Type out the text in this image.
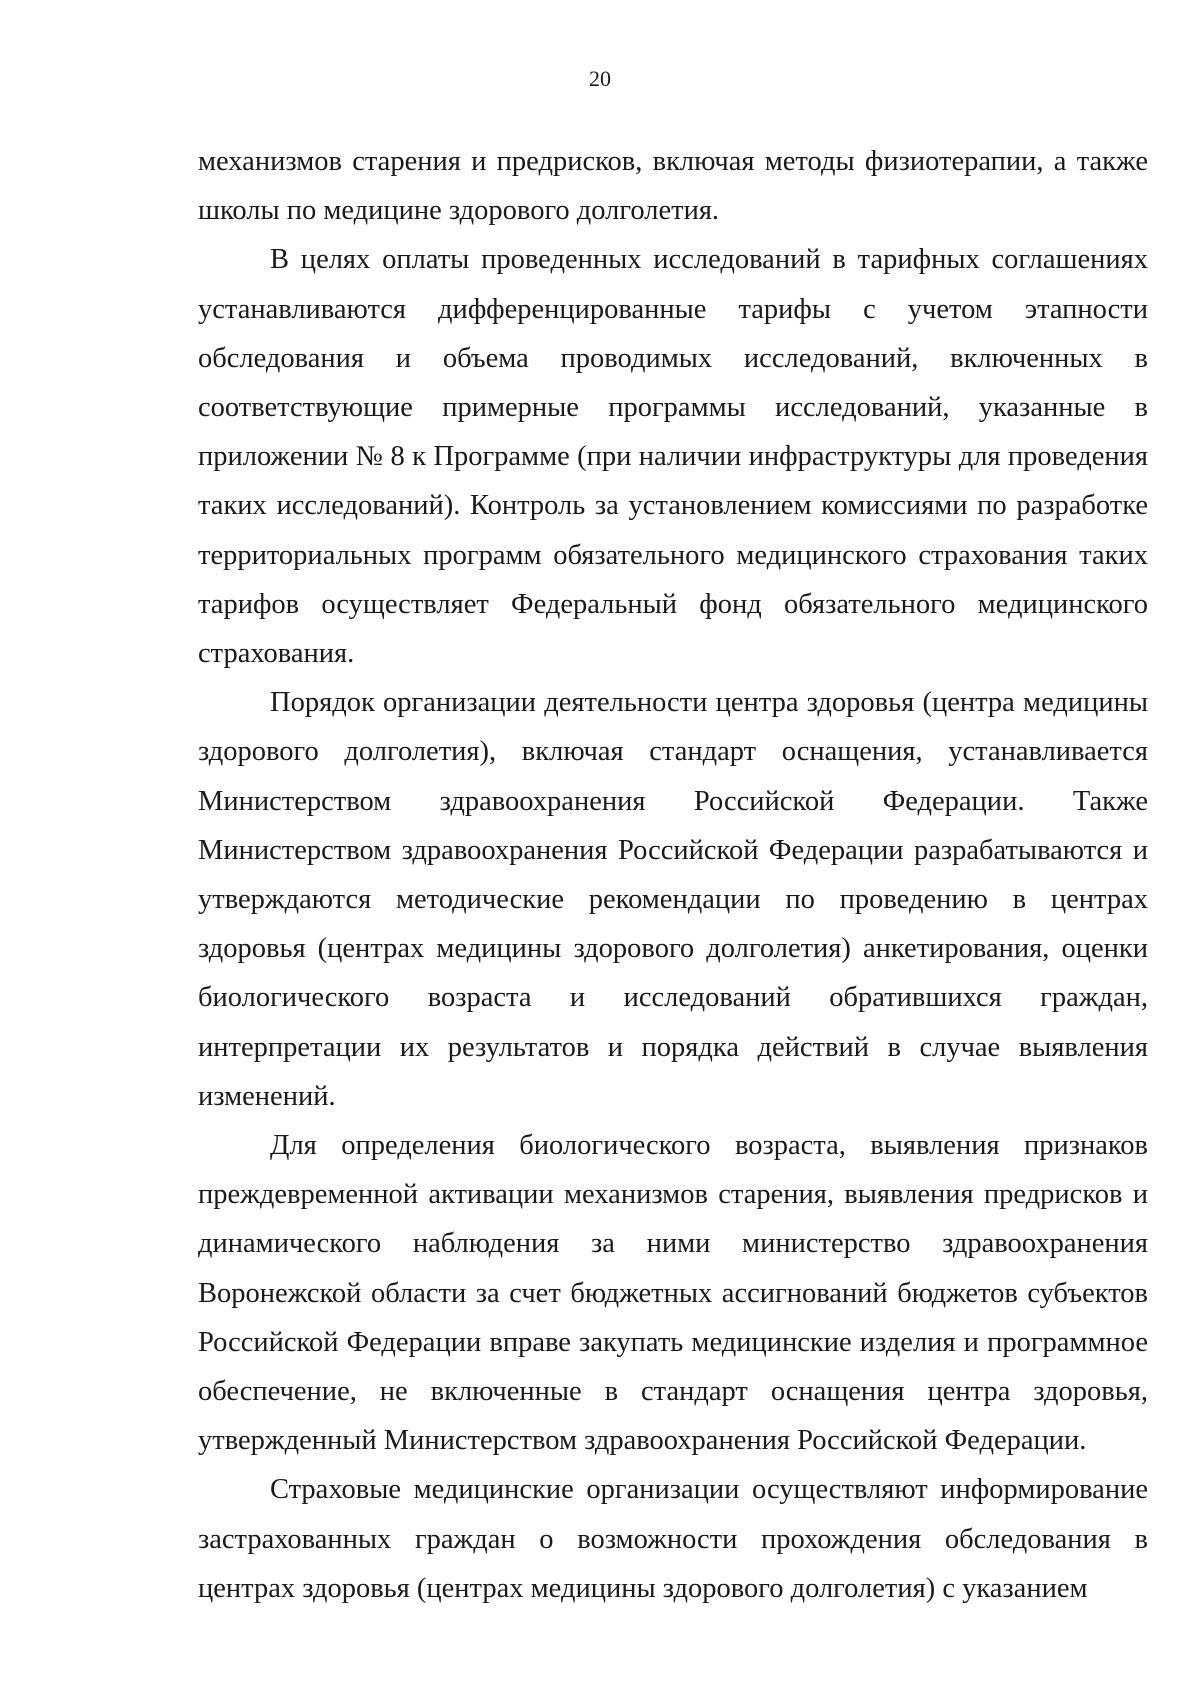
20

механизмов старения и предрисков, включая методы физиотерапии, а также школы по медицине здорового долголетия.

В целях оплаты проведенных исследований в тарифных соглашениях устанавливаются дифференцированные тарифы с учетом этапности обследования и объема проводимых исследований, включенных в соответствующие примерные программы исследований, указанные в приложении № 8 к Программе (при наличии инфраструктуры для проведения таких исследований). Контроль за установлением комиссиями по разработке территориальных программ обязательного медицинского страхования таких тарифов осуществляет Федеральный фонд обязательного медицинского страхования.

Порядок организации деятельности центра здоровья (центра медицины здорового долголетия), включая стандарт оснащения, устанавливается Министерством здравоохранения Российской Федерации. Также Министерством здравоохранения Российской Федерации разрабатываются и утверждаются методические рекомендации по проведению в центрах здоровья (центрах медицины здорового долголетия) анкетирования, оценки биологического возраста и исследований обратившихся граждан, интерпретации их результатов и порядка действий в случае выявления изменений.

Для определения биологического возраста, выявления признаков преждевременной активации механизмов старения, выявления предрисков и динамического наблюдения за ними министерство здравоохранения Воронежской области за счет бюджетных ассигнований бюджетов субъектов Российской Федерации вправе закупать медицинские изделия и программное обеспечение, не включенные в стандарт оснащения центра здоровья, утвержденный Министерством здравоохранения Российской Федерации.

Страховые медицинские организации осуществляют информирование застрахованных граждан о возможности прохождения обследования в центрах здоровья (центрах медицины здорового долголетия) с указанием
